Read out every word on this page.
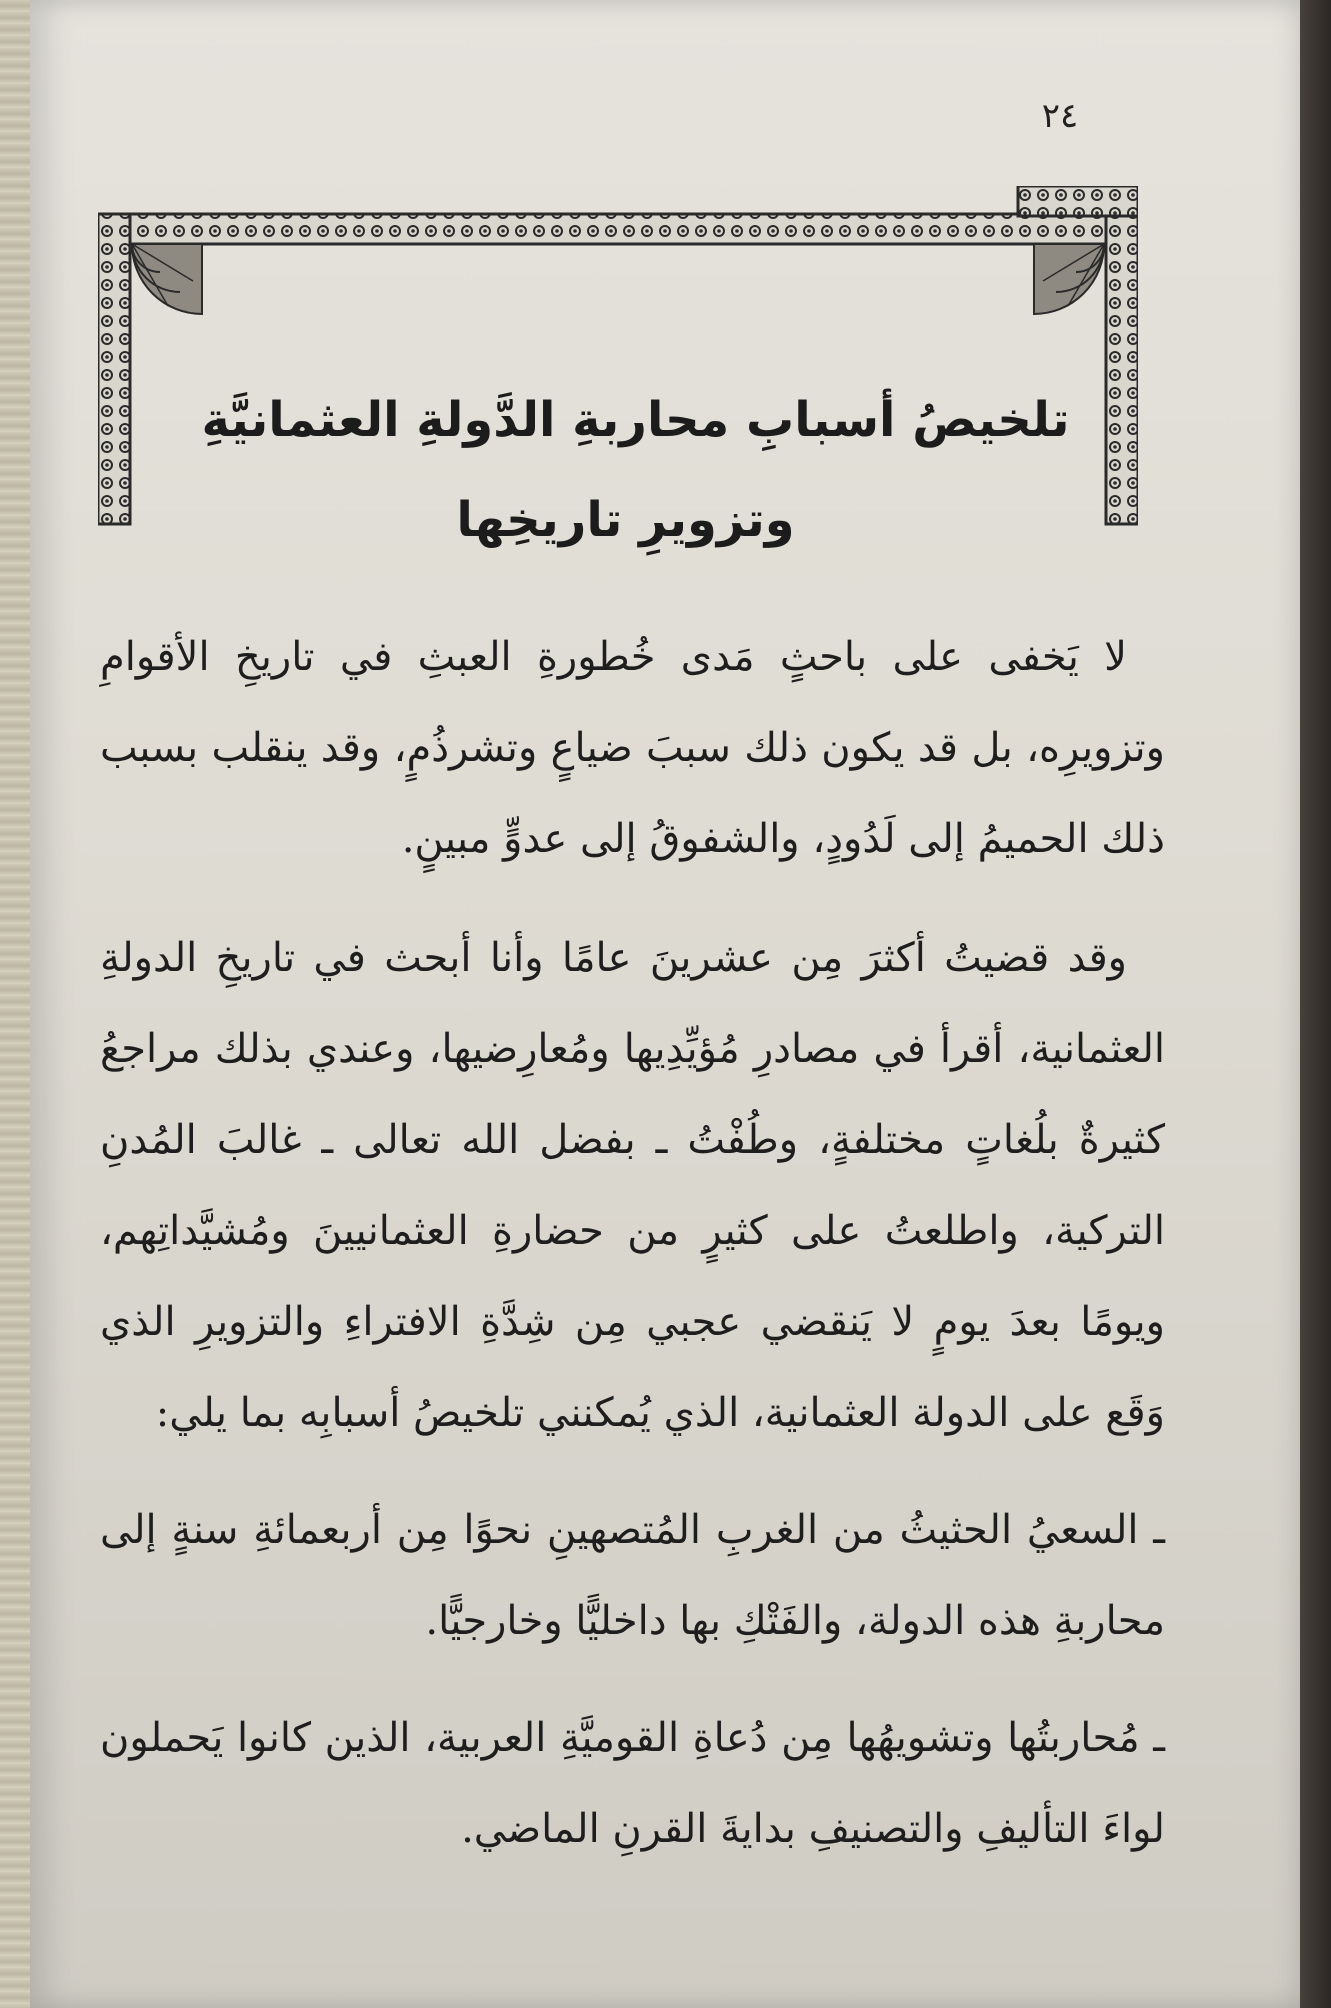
٢٤
تلخيصُ أسبابِ محاربةِ الدَّولةِ العثمانيَّةِ
وتزويرِ تاريخِها

لا يَخفى على باحثٍ مَدى خُطورةِ العبثِ في تاريخِ الأقوامِ وتزويرِه، بل قد يكون ذلك سببَ ضياعٍ وتشرذُمٍ، وقد ينقلب بسبب ذلك الحميمُ إلى لَدُودٍ، والشفوقُ إلى عدوٍّ مبينٍ.

وقد قضيتُ أكثرَ مِن عشرينَ عامًا وأنا أبحث في تاريخِ الدولةِ العثمانية، أقرأ في مصادرِ مُؤيِّدِيها ومُعارِضيها، وعندي بذلك مراجعُ كثيرةٌ بلُغاتٍ مختلفةٍ، وطُفْتُ ـ بفضل الله تعالى ـ غالبَ المُدنِ التركية، واطلعتُ على كثيرٍ من حضارةِ العثمانيينَ ومُشيَّداتِهم، ويومًا بعدَ يومٍ لا يَنقضي عجبي مِن شِدَّةِ الافتراءِ والتزويرِ الذي وَقَع على الدولة العثمانية، الذي يُمكنني تلخيصُ أسبابِه بما يلي:

ـ السعيُ الحثيثُ من الغربِ المُتصهينِ نحوًا مِن أربعمائةِ سنةٍ إلى محاربةِ هذه الدولة، والفَتْكِ بها داخليًّا وخارجيًّا.

ـ مُحاربتُها وتشويهُها مِن دُعاةِ القوميَّةِ العربية، الذين كانوا يَحملون لواءَ التأليفِ والتصنيفِ بدايةَ القرنِ الماضي.
